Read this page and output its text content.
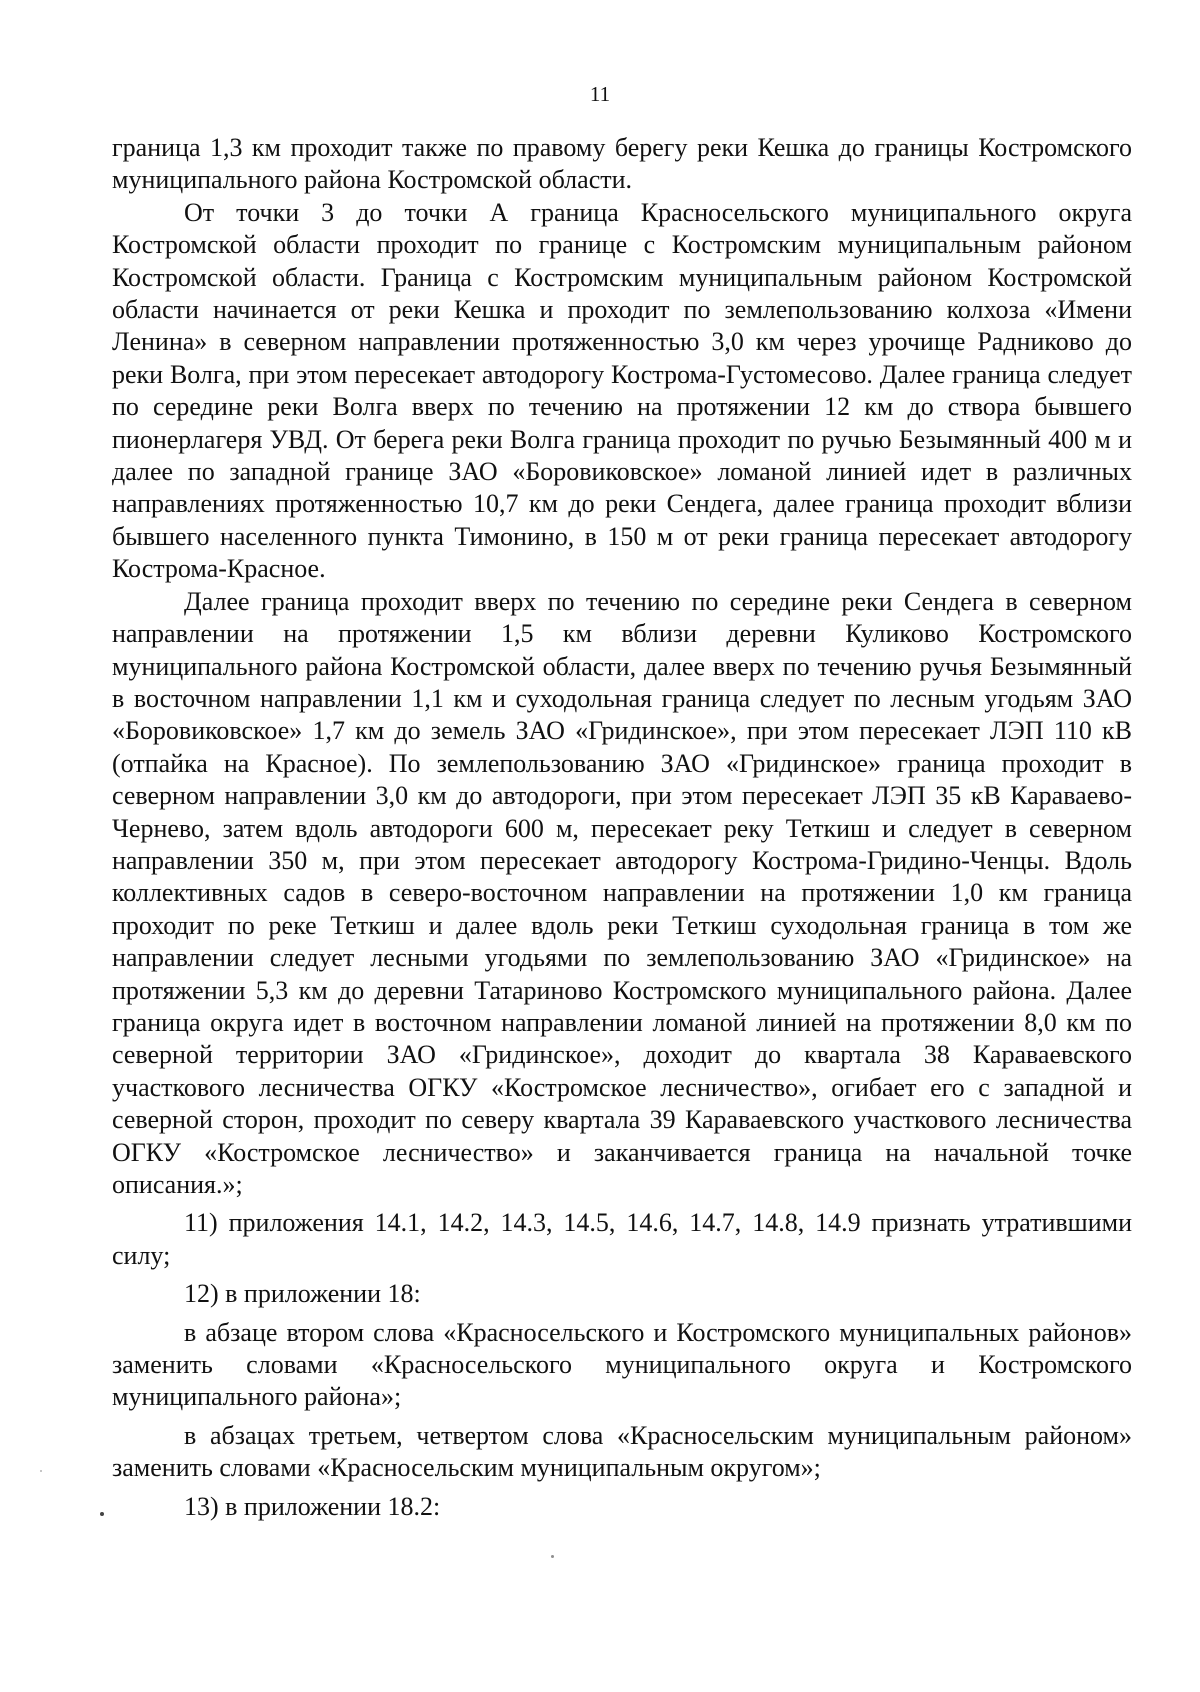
11

граница 1,3 км проходит также по правому берегу реки Кешка до границы Костромского муниципального района Костромской области.

От точки 3 до точки А граница Красносельского муниципального округа Костромской области проходит по границе с Костромским муниципальным районом Костромской области. Граница с Костромским муниципальным районом Костромской области начинается от реки Кешка и проходит по землепользованию колхоза «Имени Ленина» в северном направлении протяженностью 3,0 км через урочище Радниково до реки Волга, при этом пересекает автодорогу Кострома-Густомесово. Далее граница следует по середине реки Волга вверх по течению на протяжении 12 км до створа бывшего пионерлагеря УВД. От берега реки Волга граница проходит по ручью Безымянный 400 м и далее по западной границе ЗАО «Боровиковское» ломаной линией идет в различных направлениях протяженностью 10,7 км до реки Сендега, далее граница проходит вблизи бывшего населенного пункта Тимонино, в 150 м от реки граница пересекает автодорогу Кострома-Красное.

Далее граница проходит вверх по течению по середине реки Сендега в северном направлении на протяжении 1,5 км вблизи деревни Куликово Костромского муниципального района Костромской области, далее вверх по течению ручья Безымянный в восточном направлении 1,1 км и суходольная граница следует по лесным угодьям ЗАО «Боровиковское» 1,7 км до земель ЗАО «Гридинское», при этом пересекает ЛЭП 110 кВ (отпайка на Красное). По землепользованию ЗАО «Гридинское» граница проходит в северном направлении 3,0 км до автодороги, при этом пересекает ЛЭП 35 кВ Караваево-Чернево, затем вдоль автодороги 600 м, пересекает реку Теткиш и следует в северном направлении 350 м, при этом пересекает автодорогу Кострома-Гридино-Ченцы. Вдоль коллективных садов в северо-восточном направлении на протяжении 1,0 км граница проходит по реке Теткиш и далее вдоль реки Теткиш суходольная граница в том же направлении следует лесными угодьями по землепользованию ЗАО «Гридинское» на протяжении 5,3 км до деревни Татариново Костромского муниципального района. Далее граница округа идет в восточном направлении ломаной линией на протяжении 8,0 км по северной территории ЗАО «Гридинское», доходит до квартала 38 Караваевского участкового лесничества ОГКУ «Костромское лесничество», огибает его с западной и северной сторон, проходит по северу квартала 39 Караваевского участкового лесничества ОГКУ «Костромское лесничество» и заканчивается граница на начальной точке описания.»;

11) приложения 14.1, 14.2, 14.3, 14.5, 14.6, 14.7, 14.8, 14.9 признать утратившими силу;

12) в приложении 18:

в абзаце втором слова «Красносельского и Костромского муниципальных районов» заменить словами «Красносельского муниципального округа и Костромского муниципального района»;

в абзацах третьем, четвертом слова «Красносельским муниципальным районом» заменить словами «Красносельским муниципальным округом»;

13) в приложении 18.2:
